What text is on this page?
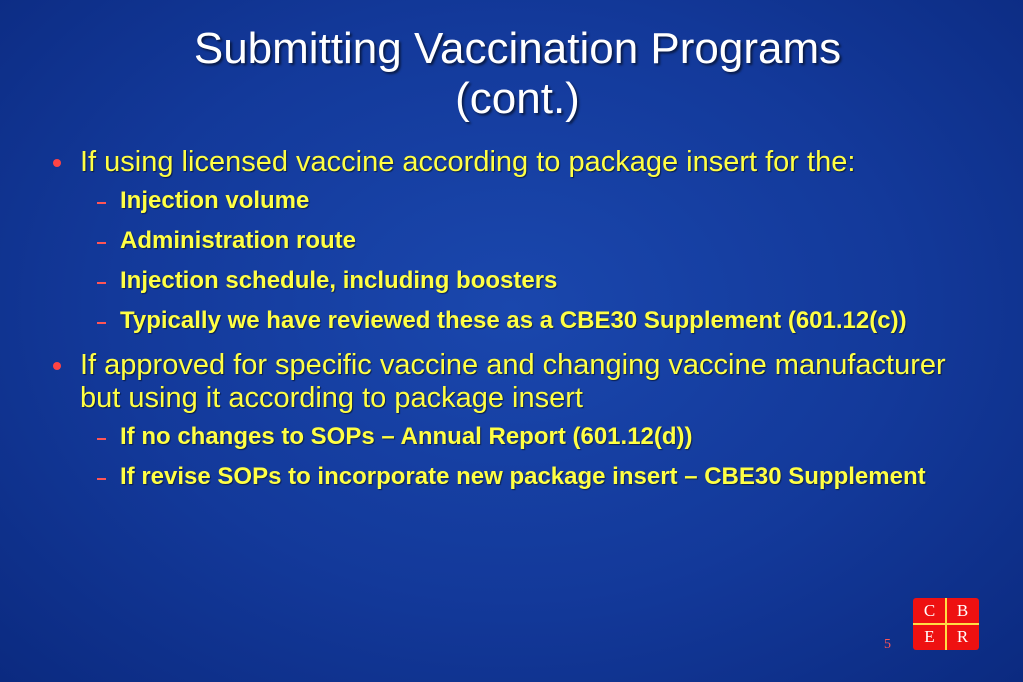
Submitting Vaccination Programs
(cont.)
If using licensed vaccine according to package insert for the:
Injection volume
Administration route
Injection schedule, including boosters
Typically we have reviewed these as a CBE30 Supplement (601.12(c))
If approved for specific vaccine and changing vaccine manufacturer but using it according to package insert
If no changes to SOPs – Annual Report (601.12(d))
If revise SOPs to incorporate new package insert – CBE30 Supplement
5
C	B
E	R
